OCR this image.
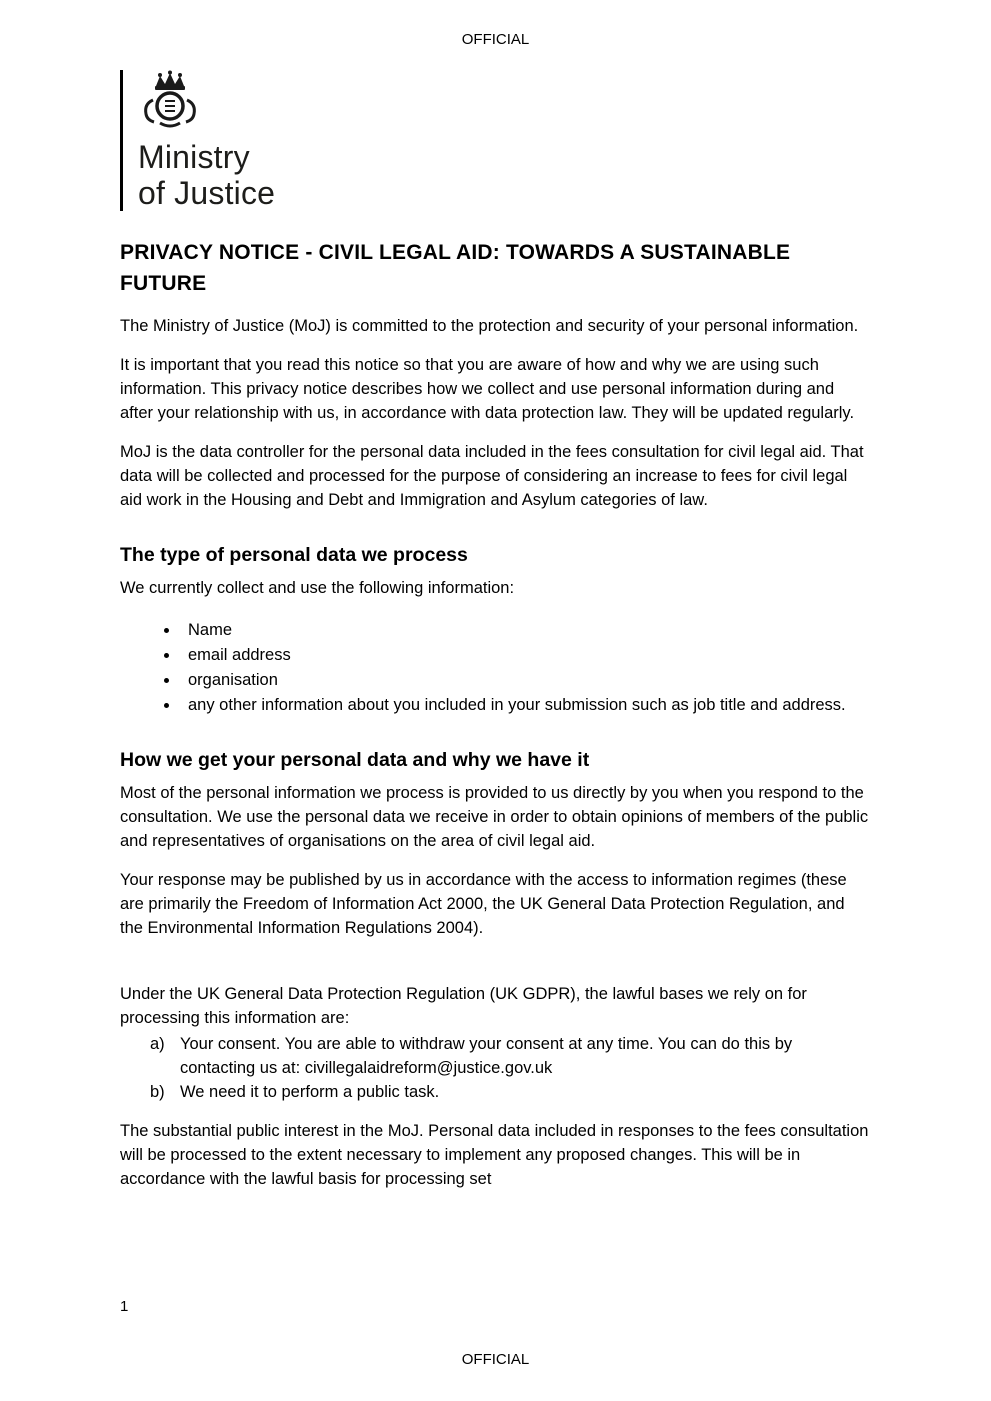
OFFICIAL
Ministry
of Justice
PRIVACY NOTICE - CIVIL LEGAL AID: TOWARDS A SUSTAINABLE FUTURE

The Ministry of Justice (MoJ) is committed to the protection and security of your personal information.

It is important that you read this notice so that you are aware of how and why we are using such information. This privacy notice describes how we collect and use personal information during and after your relationship with us, in accordance with data protection law. They will be updated regularly.

MoJ is the data controller for the personal data included in the fees consultation for civil legal aid. That data will be collected and processed for the purpose of considering an increase to fees for civil legal aid work in the Housing and Debt and Immigration and Asylum categories of law.

The type of personal data we process

We currently collect and use the following information:

• Name
• email address
• organisation
• any other information about you included in your submission such as job title and address.
How we get your personal data and why we have it

Most of the personal information we process is provided to us directly by you when you respond to the consultation. We use the personal data we receive in order to obtain opinions of members of the public and representatives of organisations on the area of civil legal aid.

Your response may be published by us in accordance with the access to information regimes (these are primarily the Freedom of Information Act 2000, the UK General Data Protection Regulation, and the Environmental Information Regulations 2004).

Under the UK General Data Protection Regulation (UK GDPR), the lawful bases we rely on for processing this information are:

a) Your consent. You are able to withdraw your consent at any time. You can do this by contacting us at: civillegalaidreform@justice.gov.uk
b) We need it to perform a public task.

The substantial public interest in the MoJ. Personal data included in responses to the fees consultation will be processed to the extent necessary to implement any proposed changes. This will be in accordance with the lawful basis for processing set

1
OFFICIAL
